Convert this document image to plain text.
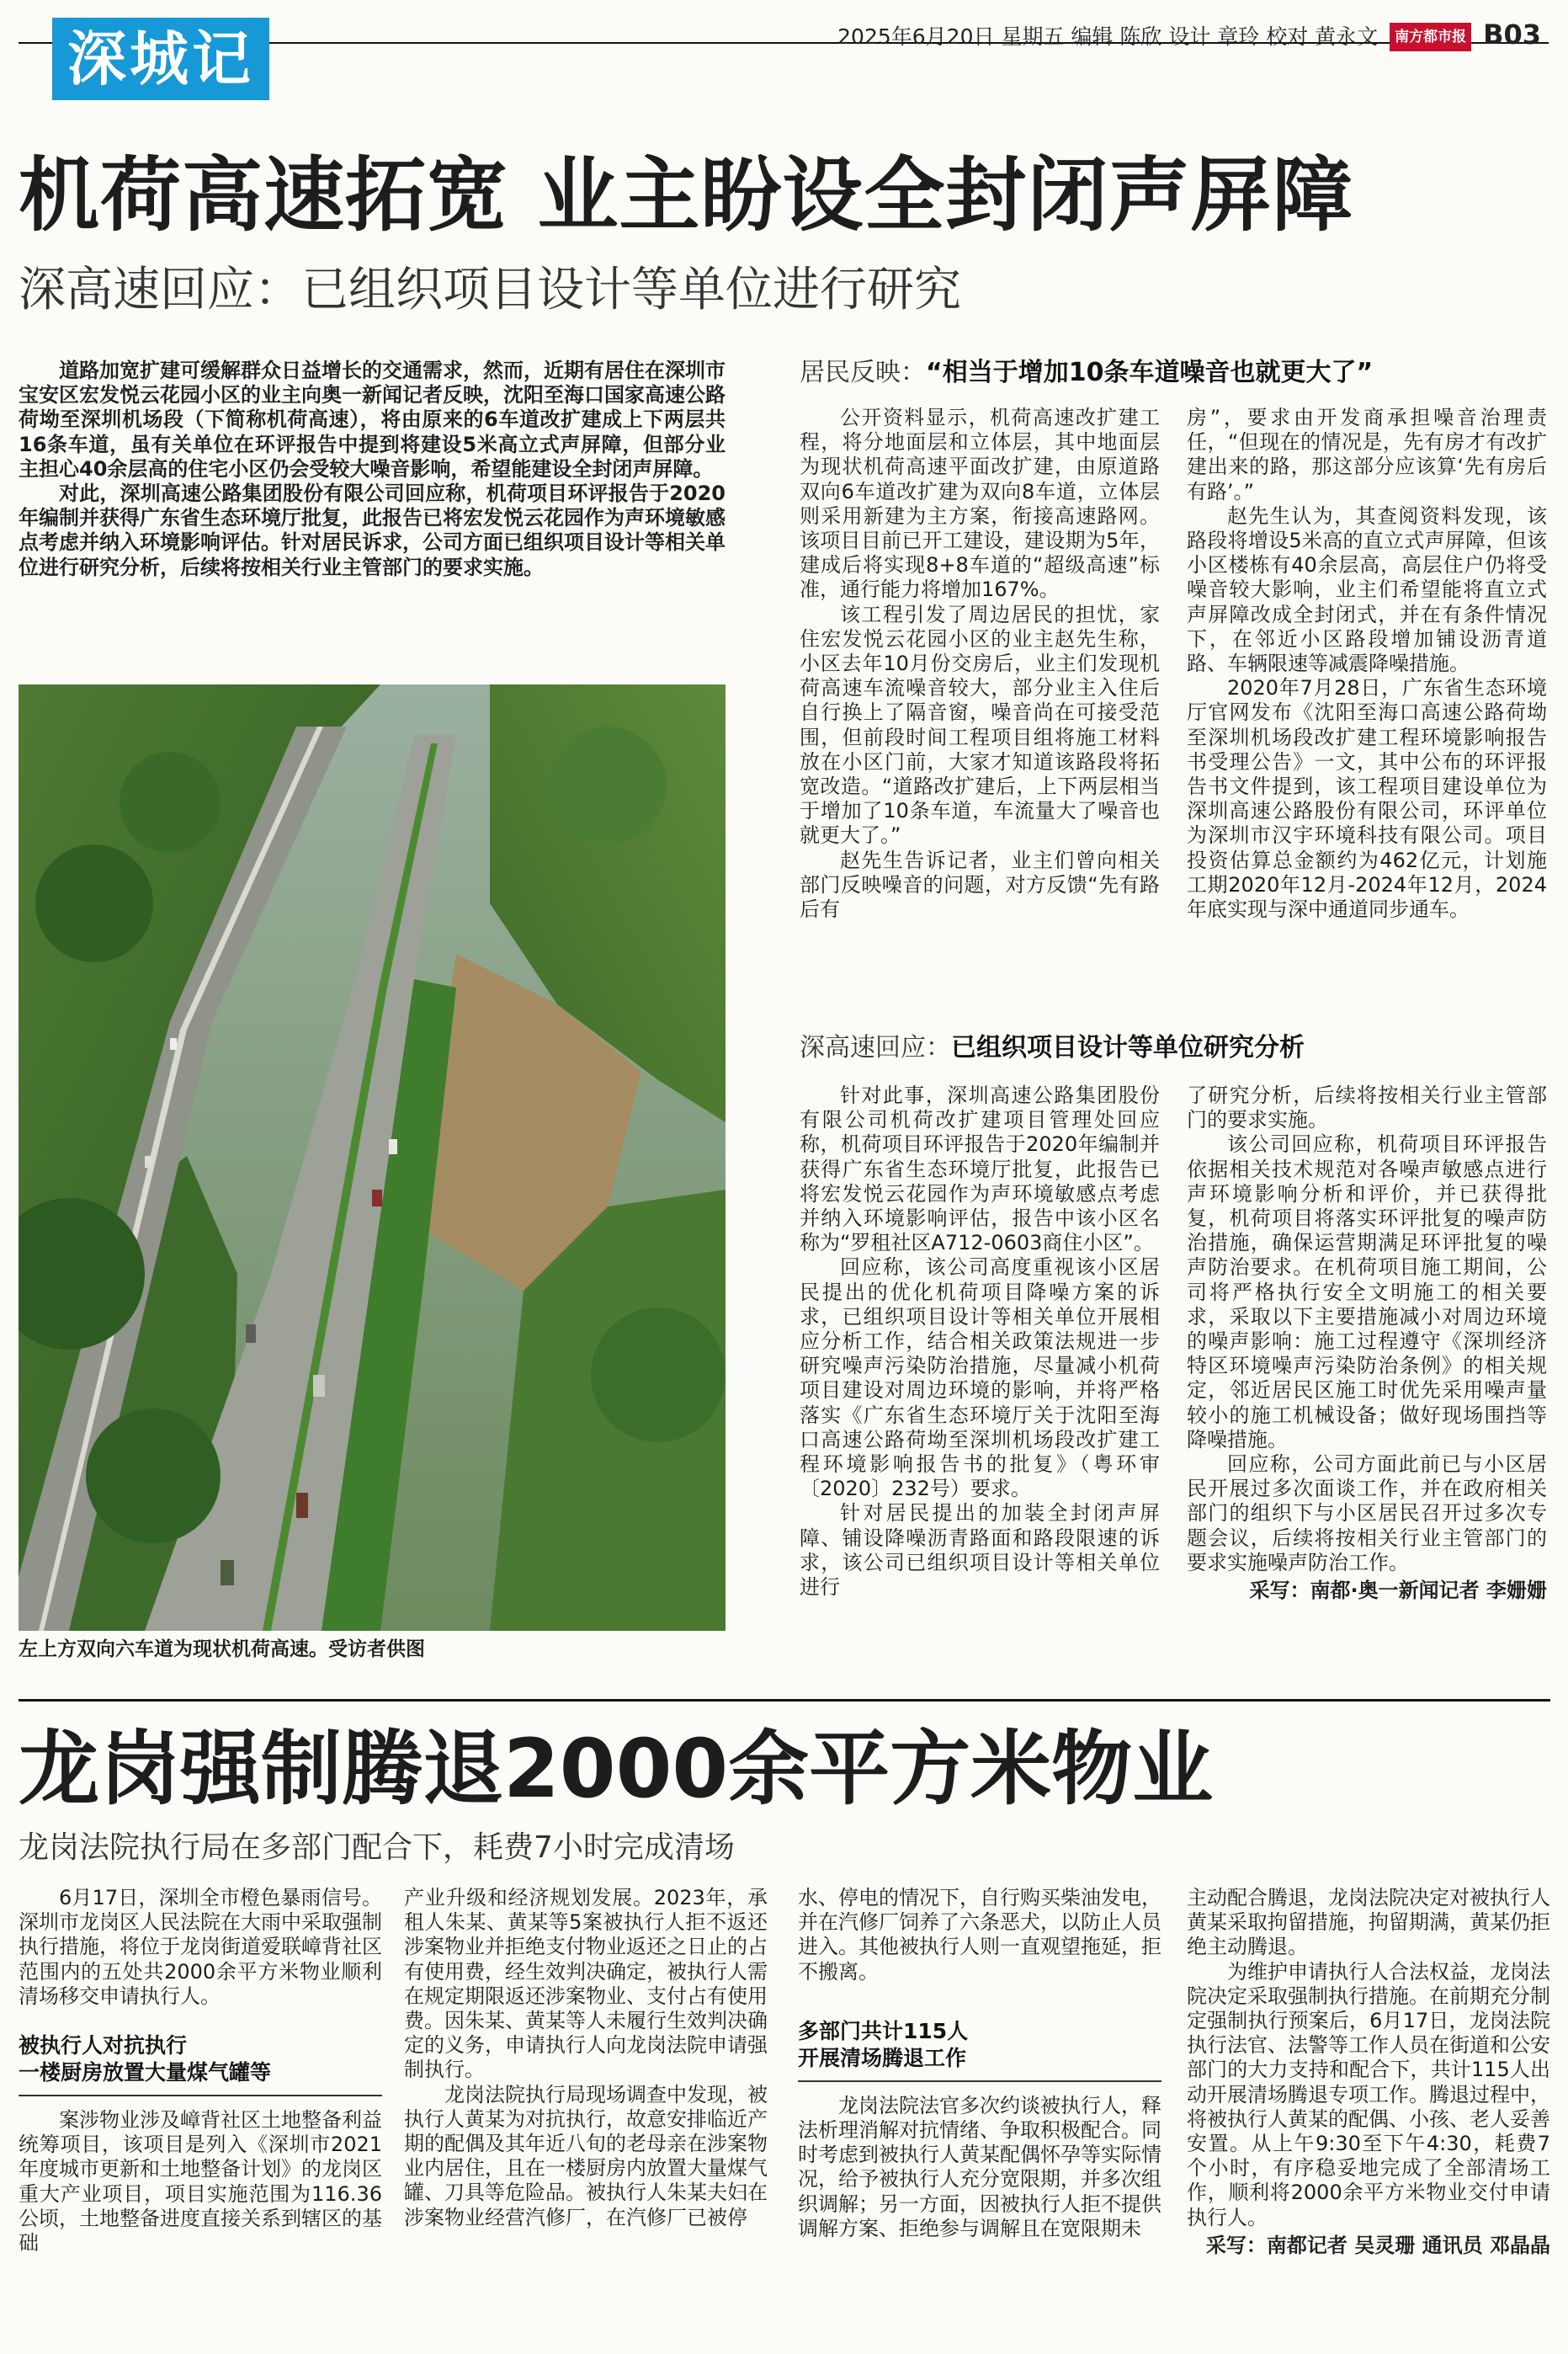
深城记	2025年6月20日 星期五 编辑 陈欣 设计 章玲 校对 黄永文 南方都市报 B03
机荷高速拓宽 业主盼设全封闭声屏障
深高速回应：已组织项目设计等单位进行研究

道路加宽扩建可缓解群众日益增长的交通需求，然而，近期有居住在深圳市宝安区宏发悦云花园小区的业主向奥一新闻记者反映，沈阳至海口国家高速公路荷坳至深圳机场段（下简称机荷高速），将由原来的6车道改扩建成上下两层共16条车道，虽有关单位在环评报告中提到将建设5米高立式声屏障，但部分业主担心40余层高的住宅小区仍会受较大噪音影响，希望能建设全封闭声屏障。

对此，深圳高速公路集团股份有限公司回应称，机荷项目环评报告于2020年编制并获得广东省生态环境厅批复，此报告已将宏发悦云花园作为声环境敏感点考虑并纳入环境影响评估。针对居民诉求，公司方面已组织项目设计等相关单位进行研究分析，后续将按相关行业主管部门的要求实施。

左上方双向六车道为现状机荷高速。受访者供图
居民反映：“相当于增加10条车道噪音也就更大了”

公开资料显示，机荷高速改扩建工程，将分地面层和立体层，其中地面层为现状机荷高速平面改扩建，由原道路双向6车道改扩建为双向8车道，立体层则采用新建为主方案，衔接高速路网。该项目目前已开工建设，建设期为5年，建成后将实现8+8车道的“超级高速”标准，通行能力将增加167%。

该工程引发了周边居民的担忧，家住宏发悦云花园小区的业主赵先生称，小区去年10月份交房后，业主们发现机荷高速车流噪音较大，部分业主入住后自行换上了隔音窗，噪音尚在可接受范围，但前段时间工程项目组将施工材料放在小区门前，大家才知道该路段将拓宽改造。“道路改扩建后，上下两层相当于增加了10条车道，车流量大了噪音也就更大了。”

赵先生告诉记者，业主们曾向相关部门反映噪音的问题，对方反馈“先有路后有

房”，要求由开发商承担噪音治理责任，“但现在的情况是，先有房才有改扩建出来的路，那这部分应该算‘先有房后有路’。”

赵先生认为，其查阅资料发现，该路段将增设5米高的直立式声屏障，但该小区楼栋有40余层高，高层住户仍将受噪音较大影响，业主们希望能将直立式声屏障改成全封闭式，并在有条件情况下，在邻近小区路段增加铺设沥青道路、车辆限速等减震降噪措施。

2020年7月28日，广东省生态环境厅官网发布《沈阳至海口高速公路荷坳至深圳机场段改扩建工程环境影响报告书受理公告》一文，其中公布的环评报告书文件提到，该工程项目建设单位为深圳高速公路股份有限公司，环评单位为深圳市汉宇环境科技有限公司。项目投资估算总金额约为462亿元，计划施工期2020年12月-2024年12月，2024年底实现与深中通道同步通车。

深高速回应：已组织项目设计等单位研究分析

针对此事，深圳高速公路集团股份有限公司机荷改扩建项目管理处回应称，机荷项目环评报告于2020年编制并获得广东省生态环境厅批复，此报告已将宏发悦云花园作为声环境敏感点考虑并纳入环境影响评估，报告中该小区名称为“罗租社区A712-0603商住小区”。

回应称，该公司高度重视该小区居民提出的优化机荷项目降噪方案的诉求，已组织项目设计等相关单位开展相应分析工作，结合相关政策法规进一步研究噪声污染防治措施，尽量减小机荷项目建设对周边环境的影响，并将严格落实《广东省生态环境厅关于沈阳至海口高速公路荷坳至深圳机场段改扩建工程环境影响报告书的批复》（粤环审〔2020〕232号）要求。

针对居民提出的加装全封闭声屏障、铺设降噪沥青路面和路段限速的诉求，该公司已组织项目设计等相关单位进行

了研究分析，后续将按相关行业主管部门的要求实施。

该公司回应称，机荷项目环评报告依据相关技术规范对各噪声敏感点进行声环境影响分析和评价，并已获得批复，机荷项目将落实环评批复的噪声防治措施，确保运营期满足环评批复的噪声防治要求。在机荷项目施工期间，公司将严格执行安全文明施工的相关要求，采取以下主要措施减小对周边环境的噪声影响：施工过程遵守《深圳经济特区环境噪声污染防治条例》的相关规定，邻近居民区施工时优先采用噪声量较小的施工机械设备；做好现场围挡等降噪措施。

回应称，公司方面此前已与小区居民开展过多次面谈工作，并在政府相关部门的组织下与小区居民召开过多次专题会议，后续将按相关行业主管部门的要求实施噪声防治工作。

采写：南都·奥一新闻记者 李姗姗

龙岗强制腾退2000余平方米物业
龙岗法院执行局在多部门配合下，耗费7小时完成清场

6月17日，深圳全市橙色暴雨信号。深圳市龙岗区人民法院在大雨中采取强制执行措施，将位于龙岗街道爱联嶂背社区范围内的五处共2000余平方米物业顺利清场移交申请执行人。

被执行人对抗执行

一楼厨房放置大量煤气罐等

案涉物业涉及嶂背社区土地整备利益统筹项目，该项目是列入《深圳市2021年度城市更新和土地整备计划》的龙岗区重大产业项目，项目实施范围为116.36公顷，土地整备进度直接关系到辖区的基础

产业升级和经济规划发展。2023年，承租人朱某、黄某等5案被执行人拒不返还涉案物业并拒绝支付物业返还之日止的占有使用费，经生效判决确定，被执行人需在规定期限返还涉案物业、支付占有使用费。因朱某、黄某等人未履行生效判决确定的义务，申请执行人向龙岗法院申请强制执行。

龙岗法院执行局现场调查中发现，被执行人黄某为对抗执行，故意安排临近产期的配偶及其年近八旬的老母亲在涉案物业内居住，且在一楼厨房内放置大量煤气罐、刀具等危险品。被执行人朱某夫妇在涉案物业经营汽修厂，在汽修厂已被停

水、停电的情况下，自行购买柴油发电，并在汽修厂饲养了六条恶犬，以防止人员进入。其他被执行人则一直观望拖延，拒不搬离。

多部门共计115人

开展清场腾退工作

龙岗法院法官多次约谈被执行人，释法析理消解对抗情绪、争取积极配合。同时考虑到被执行人黄某配偶怀孕等实际情况，给予被执行人充分宽限期，并多次组织调解；另一方面，因被执行人拒不提供调解方案、拒绝参与调解且在宽限期未

主动配合腾退，龙岗法院决定对被执行人黄某采取拘留措施，拘留期满，黄某仍拒绝主动腾退。

为维护申请执行人合法权益，龙岗法院决定采取强制执行措施。在前期充分制定强制执行预案后，6月17日，龙岗法院执行法官、法警等工作人员在街道和公安部门的大力支持和配合下，共计115人出动开展清场腾退专项工作。腾退过程中，将被执行人黄某的配偶、小孩、老人妥善安置。从上午9:30至下午4:30，耗费7个小时，有序稳妥地完成了全部清场工作，顺利将2000余平方米物业交付申请执行人。

采写：南都记者 吴灵珊 通讯员 邓晶晶
